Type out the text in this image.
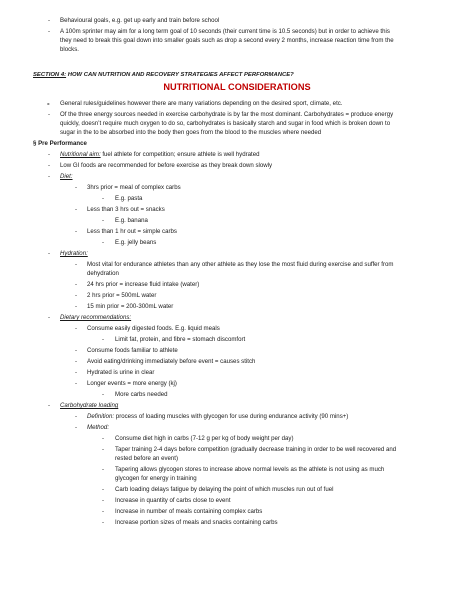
- Behavioural goals, e.g. get up early and train before school
- A 100m sprinter may aim for a long term goal of 10 seconds (their current time is 10.5 seconds) but in order to achieve this
they need to break this goal down into smaller goals such as drop a second every 2 months, increase reaction time from the
blocks.
SECTION 4: HOW CAN NUTRITION AND RECOVERY STRATEGIES AFFECT PERFORMANCE?
NUTRITIONAL CONSIDERATIONS
- General rules/guidelines however there are many variations depending on the desired sport, climate, etc.
- Of the three energy sources needed in exercise carbohydrate is by far the most dominant. Carbohydrates = produce energy
quickly, doesn’t require much oxygen to do so, carbohydrates is basically starch and sugar in food which is broken down to
sugar in the to be absorbed into the body then goes from the blood to the muscles where needed
§ Pre Performance
- Nutritional aim: fuel athlete for competition; ensure athlete is well hydrated
- Low GI foods are recommended for before exercise as they break down slowly
- Diet:
- 3hrs prior = meal of complex carbs
- E.g. pasta
- Less than 3 hrs out = snacks
- E.g. banana
- Less than 1 hr out = simple carbs
- E.g. jelly beans
- Hydration:
- Most vital for endurance athletes than any other athlete as they lose the most fluid during exercise and suffer from
dehydration
- 24 hrs prior = increase fluid intake (water)
- 2 hrs prior = 500mL water
- 15 min prior = 200-300mL water
- Dietary recommendations:
- Consume easily digested foods. E.g. liquid meals
- Limit fat, protein, and fibre = stomach discomfort
- Consume foods familiar to athlete
- Avoid eating/drinking immediately before event = causes stitch
- Hydrated is urine in clear
- Longer events = more energy (kj)
- More carbs needed
- Carbohydrate loading
- Definition: process of loading muscles with glycogen for use during endurance activity (90 mins+)
- Method:
- Consume diet high in carbs (7-12 g per kg of body weight per day)
- Taper training 2-4 days before competition (gradually decrease training in order to be well recovered and
rested before an event)
- Tapering allows glycogen stores to increase above normal levels as the athlete is not using as much
glycogen for energy in training
- Carb loading delays fatigue by delaying the point of which muscles run out of fuel
- Increase in quantity of carbs close to event
- Increase in number of meals containing complex carbs
- Increase portion sizes of meals and snacks containing carbs
